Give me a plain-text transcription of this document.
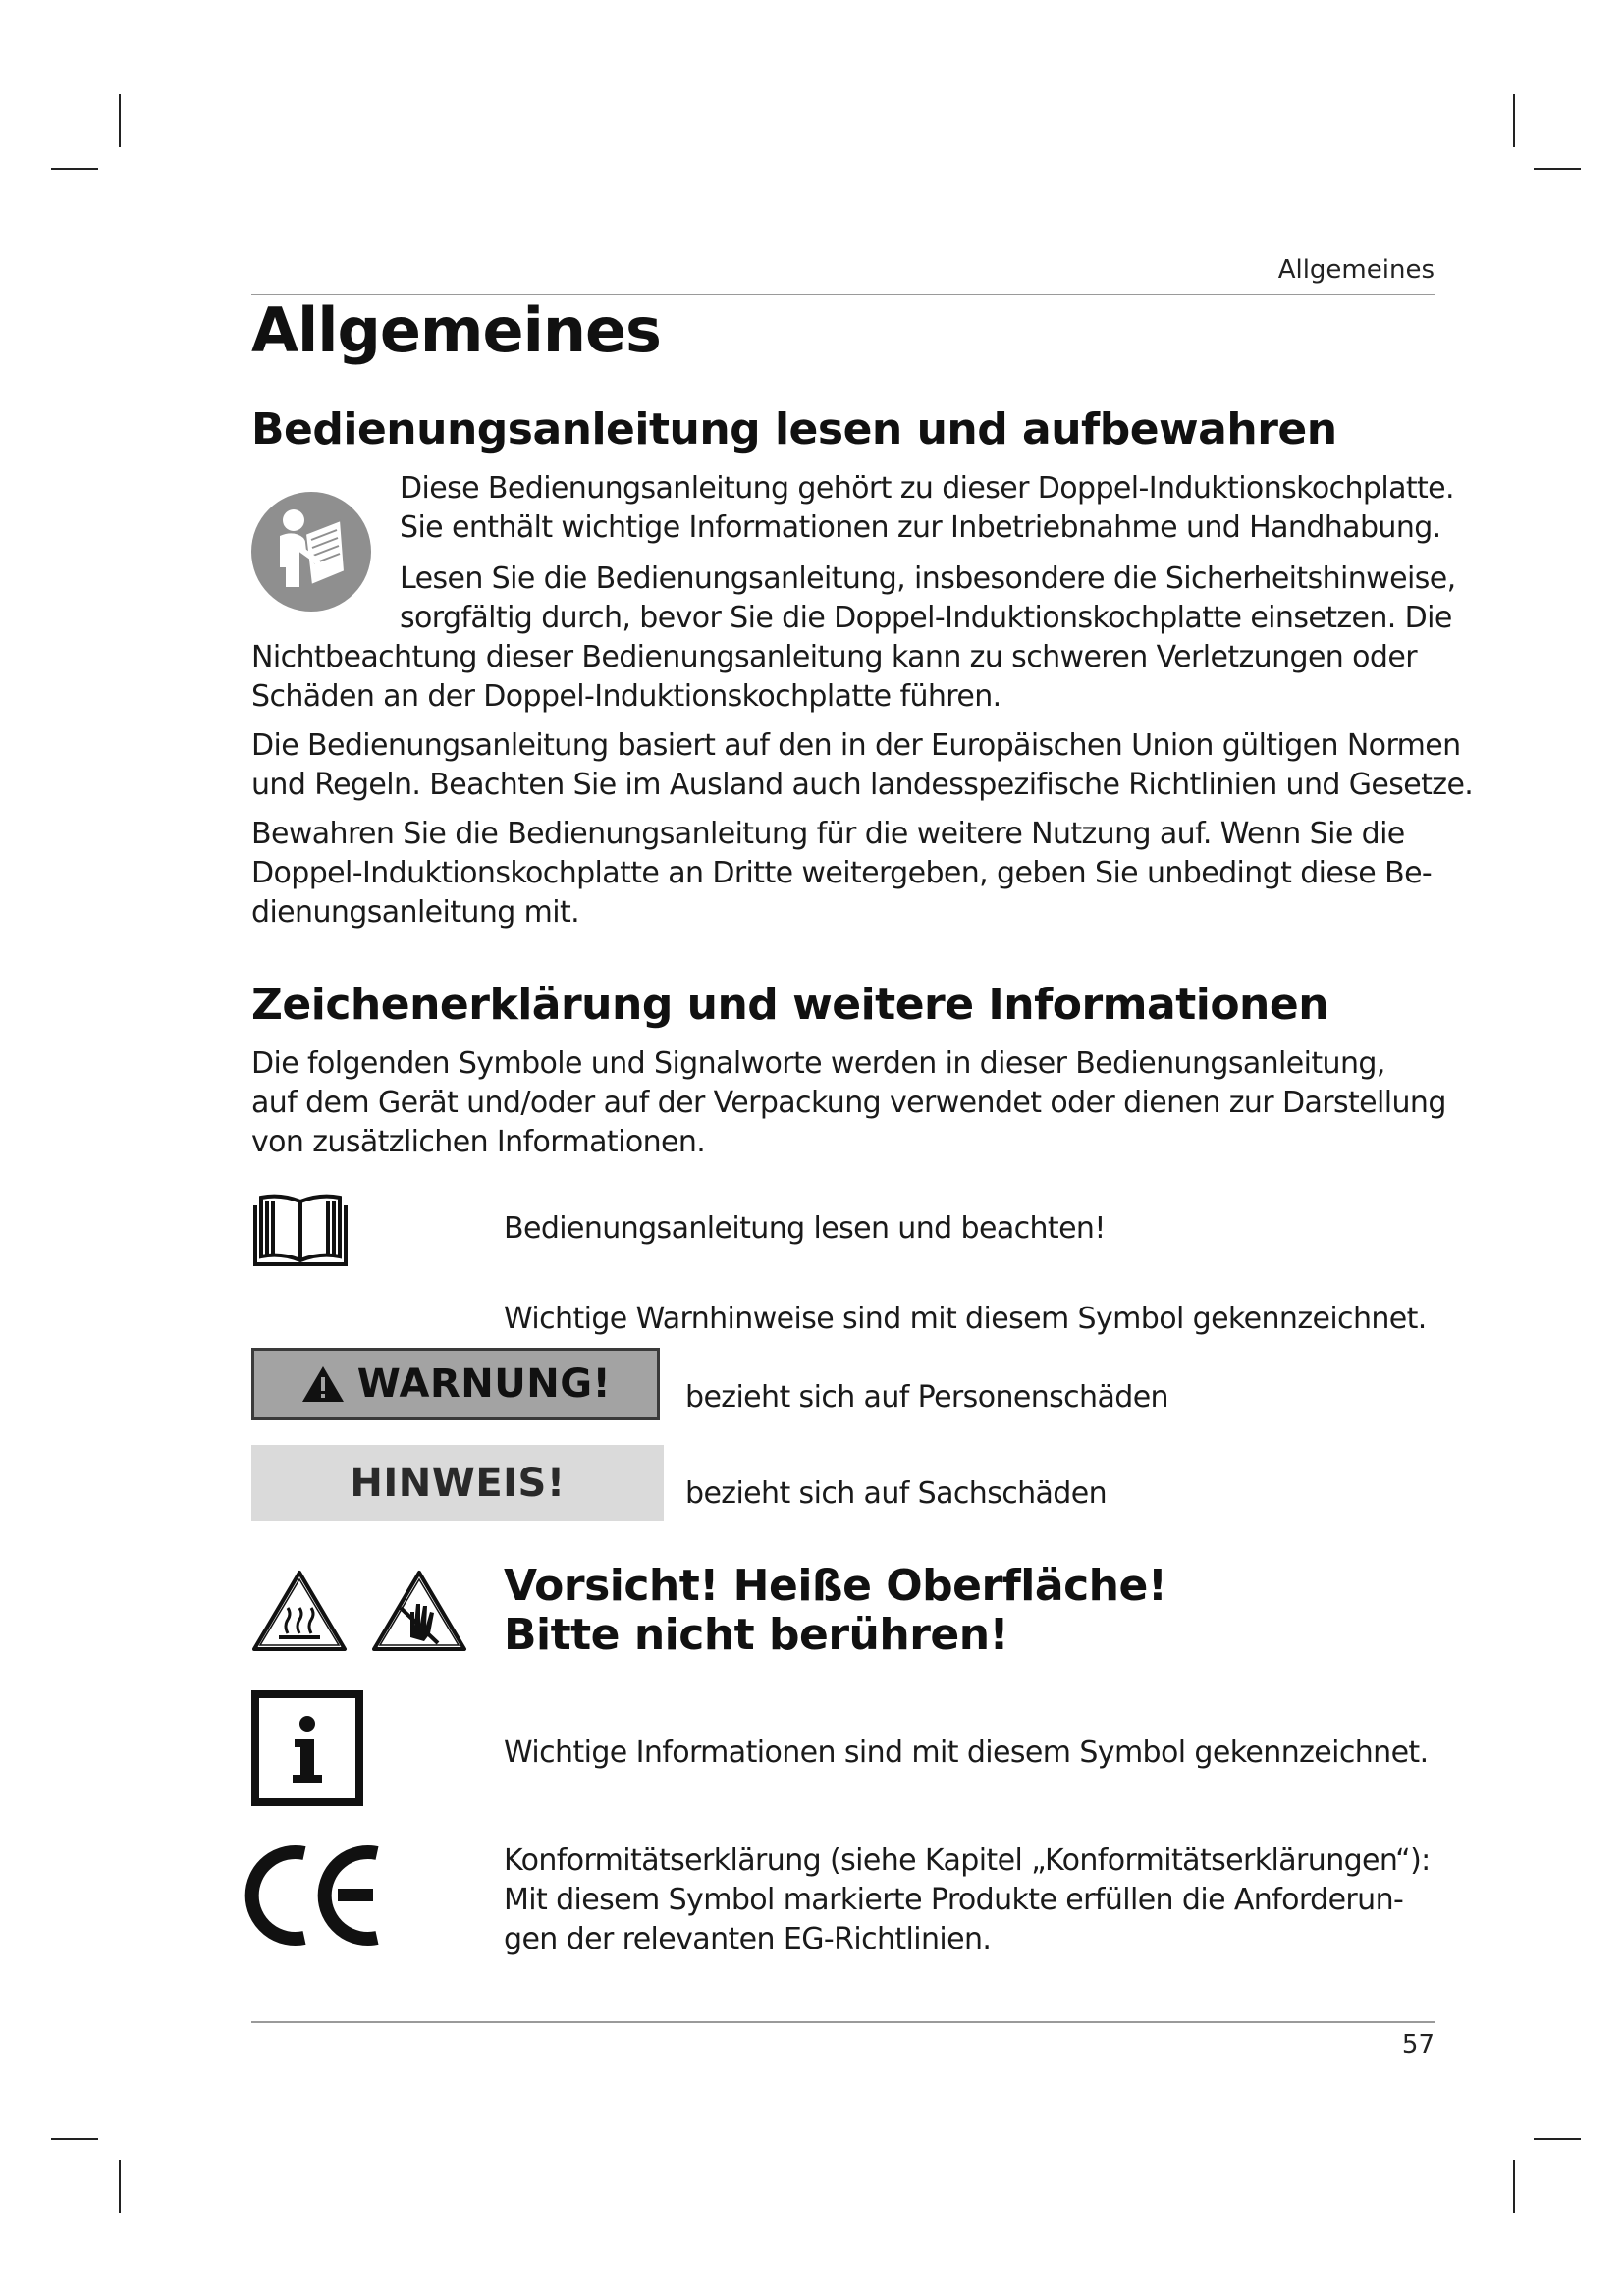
Allgemeines
Allgemeines
Bedienungsanleitung lesen und aufbewahren
Diese Bedienungsanleitung gehört zu dieser Doppel-Induktionskochplatte.
Sie enthält wichtige Informationen zur Inbetriebnahme und Handhabung.
Lesen Sie die Bedienungsanleitung, insbesondere die Sicherheitshinweise,
sorgfältig durch, bevor Sie die Doppel-Induktionskochplatte einsetzen. Die
Nichtbeachtung dieser Bedienungsanleitung kann zu schweren Verletzungen oder
Schäden an der Doppel-Induktionskochplatte führen.
Die Bedienungsanleitung basiert auf den in der Europäischen Union gültigen Normen
und Regeln. Beachten Sie im Ausland auch landesspezifische Richtlinien und Gesetze.
Bewahren Sie die Bedienungsanleitung für die weitere Nutzung auf. Wenn Sie die
Doppel-Induktionskochplatte an Dritte weitergeben, geben Sie unbedingt diese Be-
dienungsanleitung mit.
Zeichenerklärung und weitere Informationen
Die folgenden Symbole und Signalworte werden in dieser Bedienungsanleitung,
auf dem Gerät und/oder auf der Verpackung verwendet oder dienen zur Darstellung
von zusätzlichen Informationen.
Bedienungsanleitung lesen und beachten!
Wichtige Warnhinweise sind mit diesem Symbol gekennzeichnet.
WARNUNG!	bezieht sich auf Personenschäden
HINWEIS!	bezieht sich auf Sachschäden
Vorsicht! Heiße Oberfläche!
Bitte nicht berühren!
Wichtige Informationen sind mit diesem Symbol gekennzeichnet.
Konformitätserklärung (siehe Kapitel „Konformitätserklärungen“):
Mit diesem Symbol markierte Produkte erfüllen die Anforderun-
gen der relevanten EG-Richtlinien.
57
